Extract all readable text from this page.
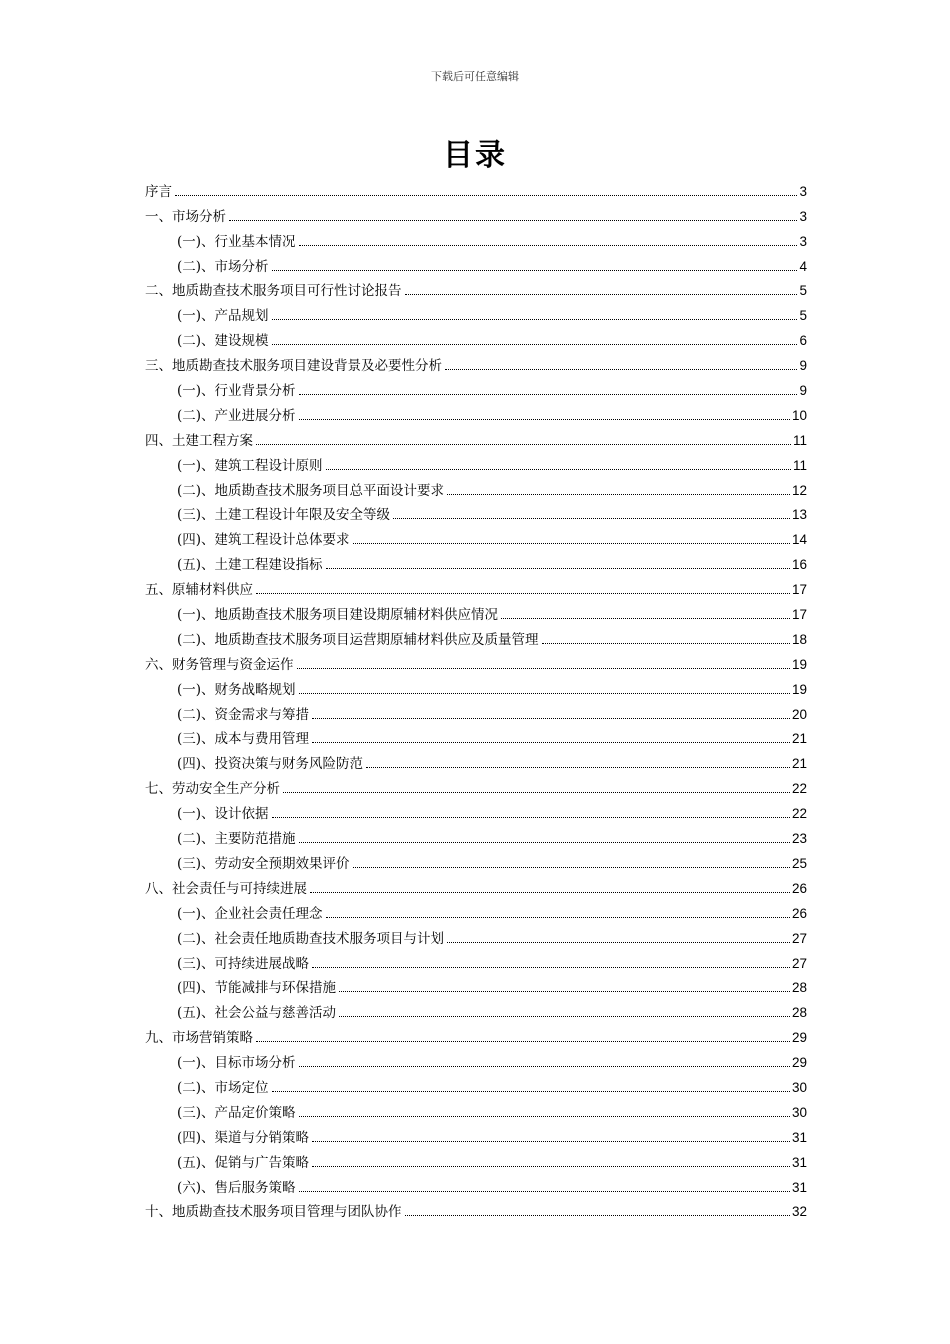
下载后可任意编辑
目录
序言	3
一、市场分析	3
(一)、行业基本情况	3
(二)、市场分析	4
二、地质勘查技术服务项目可行性讨论报告	5
(一)、产品规划	5
(二)、建设规模	6
三、地质勘查技术服务项目建设背景及必要性分析	9
(一)、行业背景分析	9
(二)、产业进展分析	10
四、土建工程方案	11
(一)、建筑工程设计原则	11
(二)、地质勘查技术服务项目总平面设计要求	12
(三)、土建工程设计年限及安全等级	13
(四)、建筑工程设计总体要求	14
(五)、土建工程建设指标	16
五、原辅材料供应	17
(一)、地质勘查技术服务项目建设期原辅材料供应情况	17
(二)、地质勘查技术服务项目运营期原辅材料供应及质量管理	18
六、财务管理与资金运作	19
(一)、财务战略规划	19
(二)、资金需求与筹措	20
(三)、成本与费用管理	21
(四)、投资决策与财务风险防范	21
七、劳动安全生产分析	22
(一)、设计依据	22
(二)、主要防范措施	23
(三)、劳动安全预期效果评价	25
八、社会责任与可持续进展	26
(一)、企业社会责任理念	26
(二)、社会责任地质勘查技术服务项目与计划	27
(三)、可持续进展战略	27
(四)、节能减排与环保措施	28
(五)、社会公益与慈善活动	28
九、市场营销策略	29
(一)、目标市场分析	29
(二)、市场定位	30
(三)、产品定价策略	30
(四)、渠道与分销策略	31
(五)、促销与广告策略	31
(六)、售后服务策略	31
十、地质勘查技术服务项目管理与团队协作	32
